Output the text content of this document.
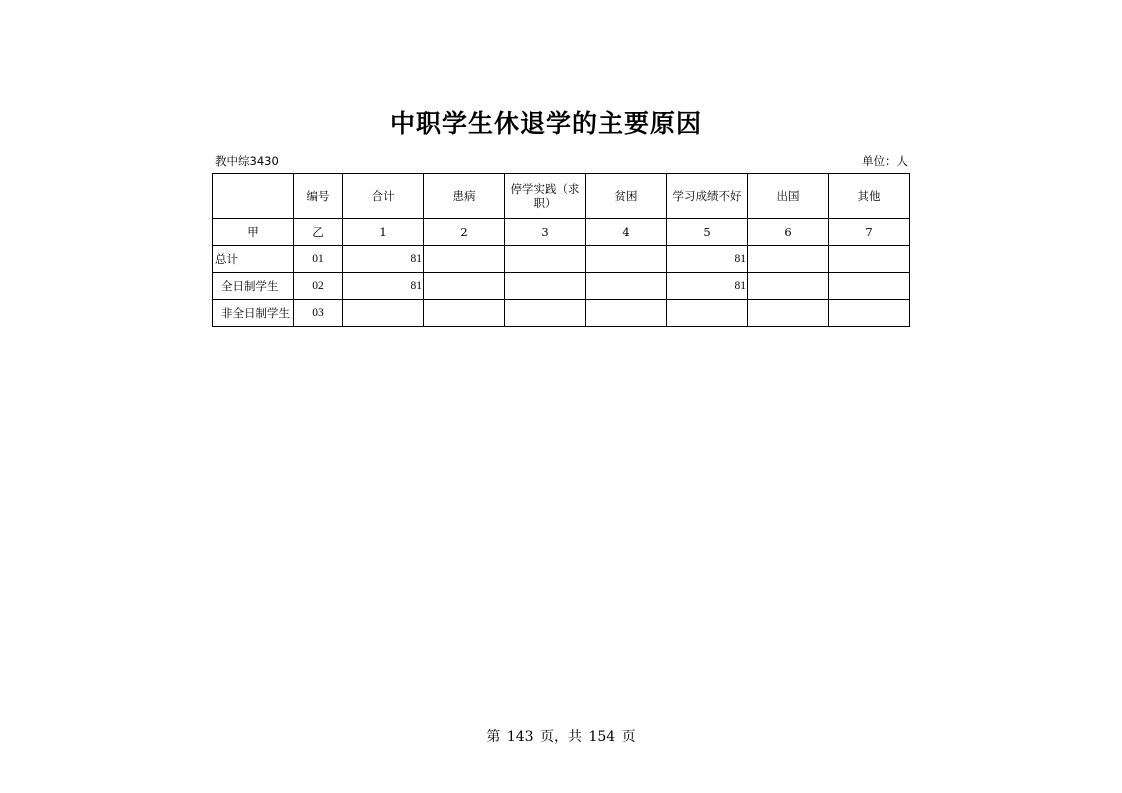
中职学生休退学的主要原因
教中综3430	单位：人
	编号	合计	患病	停学实践（求职）	贫困	学习成绩不好	出国	其他
甲	乙	1	2	3	4	5	6	7
总计	01	81				81		
全日制学生	02	81				81		

非全日制学生	03							
第 143 页，共 154 页
